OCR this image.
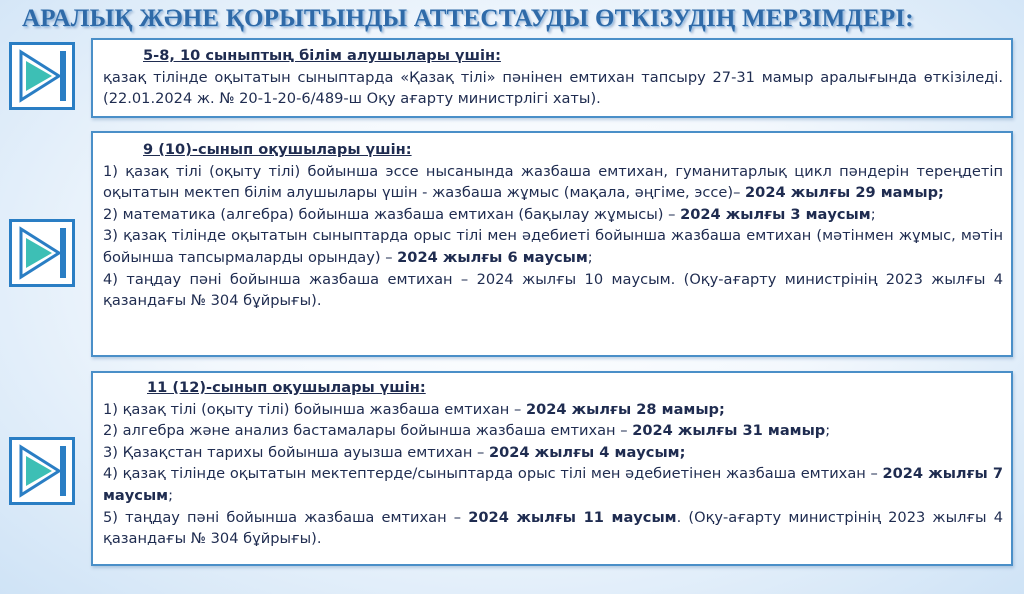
АРАЛЫҚ ЖӘНЕ ҚОРЫТЫНДЫ АТТЕСТАУДЫ ӨТКІЗУДІҢ МЕРЗІМДЕРІ:
5-8, 10 сыныптың білім алушылары үшін:
қазақ тілінде оқытатын сыныптарда «Қазақ тілі» пәнінен емтихан тапсыру 27-31 мамыр аралығында өткізіледі. (22.01.2024 ж. № 20-1-20-6/489-ш Оқу ағарту министрлігі хаты).
9 (10)-сынып оқушылары үшін:
1) қазақ тілі (оқыту тілі) бойынша эссе нысанында жазбаша емтихан, гуманитарлық цикл пәндерін тереңдетіп оқытатын мектеп білім алушылары үшін - жазбаша жұмыс (мақала, әңгіме, эссе)– 2024 жылғы 29 мамыр;
2) математика (алгебра) бойынша жазбаша емтихан (бақылау жұмысы) – 2024 жылғы 3 маусым;
3) қазақ тілінде оқытатын сыныптарда орыс тілі мен әдебиеті бойынша жазбаша емтихан (мәтінмен жұмыс, мәтін бойынша тапсырмаларды орындау) – 2024 жылғы 6 маусым;
4) таңдау пәні бойынша жазбаша емтихан – 2024 жылғы 10 маусым. (Оқу-ағарту министрінің 2023 жылғы 4 қазандағы № 304 бұйрығы).
11 (12)-сынып оқушылары үшін:
1) қазақ тілі (оқыту тілі) бойынша жазбаша емтихан – 2024 жылғы 28 мамыр;
2) алгебра және анализ бастамалары бойынша жазбаша емтихан – 2024 жылғы 31 мамыр;
3) Қазақстан тарихы бойынша ауызша емтихан – 2024 жылғы 4 маусым;
4) қазақ тілінде оқытатын мектептерде/сыныптарда орыс тілі мен әдебиетінен жазбаша емтихан – 2024 жылғы 7 маусым;
5) таңдау пәні бойынша жазбаша емтихан – 2024 жылғы 11 маусым. (Оқу-ағарту министрінің 2023 жылғы 4 қазандағы № 304 бұйрығы).
